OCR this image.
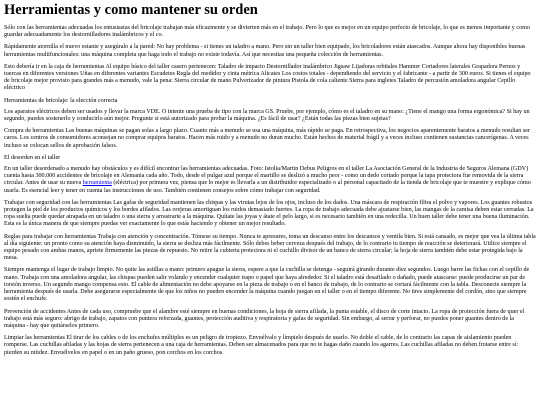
Herramientas y como mantener su orden

Sólo con las herramientas adecuadas los entusiastas del bricolaje trabajan más eficazmente y se divierten más en el trabajo. Pero lo que es mejor en un equipo perfecto de bricolaje, lo que es menos importante y como guardar adecuadamente los destornilladores inalámbricos y el co.

Rápidamente atornilla el nuevo estante y asegúralo a la pared: No hay problema - si tienes un taladro a mano. Pero sin un taller bien equipado, los bricoladores están atascados. Aunque ahora hay disponibles buenas herramientas multifuncionales: una máquina completa que haga todo el trabajo no existe todavía. Así que necesitas una pequeña colección de herramientas.

Esto debería ir en la caja de herramientas Al equipo básico del taller casero pertenecen: Taladro de impacto Destornillador inalámbrico Jigsaw Lijadoras orbitales Hammer Cortadores laterales Grapadora Pernos y tuercas en diferentes versiones Uñas en diferentes variantes Escudetes Regla del medidor y cinta métrica Alicates Los costos totales - dependiendo del servicio y el fabricante - a partir de 300 euros. Si tienes el equipo de bricolaje mejor provisto para grandes más a menudo, vale la pena: Sierra circular de mano Pulverizador de pintura Pistola de cola caliente Sierra para ingletes Taladro de percusión amoladora angular Cepillo eléctrico

Herramientas de bricolaje: la elección correcta

Los aparatos eléctricos deben ser usados y llevar la marca VDE. O intente una prueba de tipo con la marca GS. Pruebe, por ejemplo, cómo es el taladro en su mano: ¿Tiene el mango una forma ergonómica? Si hay un segundo, puedes sostenerlo y conducirlo aún mejor. Pregunte si está autorizado para probar la máquina. ¿Es fácil de usar? ¿Están todas las piezas bien sujetas?

Compra de herramientas Las buenas máquinas se pagan solas a largo plazo. Cuanto más a menudo se usa una máquina, más rápido se paga. En retrospectiva, los negocios aparentemente baratos a menudo resultan ser caros. Los centros de consumidores aconsejan no comprar equipos baratos. Hacen más ruido y a menudo no duran mucho. Están hechos de material frágil y a veces incluso contienen sustancias cancerígenas. A veces incluso se colocan sellos de aprobación falsos.

El desorden en el taller

En un taller desordenado a menudo hay obstáculos y es difícil encontrar las herramientas adecuadas. Foto: Istolia/Martin Debus Peligros en el taller La Asociación General de la Industria de Seguros Alemana (GDV) cuenta hasta 300.000 accidentes de bricolaje en Alemania cada año. Todo, desde el pulgar azul porque el martillo se deslizó a mucho peor - como un dedo cortado porque la tapa protectora fue removida de la sierra circular. Antes de usar su nueva herramienta (eléctrica) por primera vez, piensa que lo mejor es llevarla a un distribuidor especializado o al personal capacitado de la tienda de bricolaje que te muestre y explique cómo usarla. Es esencial leer y tener en cuenta las instrucciones de uso. También contienen consejos sobre cómo trabajar con seguridad.

Trabajar con seguridad con las herramientas Las gafas de seguridad mantienen las chispas y las virutas lejos de los ojos, incluso de los dados. Una máscara de respiración filtra el polvo y vapores. Los guantes robustos protegen la piel de los productos químicos y los bordes afilados. Las orejeras amortiguan los ruidos demasiado fuertes. La ropa de trabajo adecuada debe ajustarse bien, las mangas de la camisa deben estar cerradas. La ropa suelta puede quedar atrapada en un taladro o una sierra y arrastrarte a la máquina. Quítate las joyas y átate el pelo largo, si es necesario también en una redecilla. Un buen taller debe tener una buena iluminación. Esta es la única manera de que siempre puedas ver exactamente lo que estás haciendo y obtener un mejor resultado.

Reglas para trabajar con herramientas Trabaja con atención y concentración. Tómese su tiempo. Nunca te apresures, toma un descanso entre los descansos y ventila bien. Si está cansado, es mejor que vea la última tabla al día siguiente: un pronto como su atención haya disminuido, la sierra se desliza más fácilmente. Sólo debes beber cerveza después del trabajo, de lo contrario tu tiempo de reacción se deteriorará. Utilice siempre el equipo pesado con ambas manos, apriete firmemente las piezas de repuesto. No retire la cubierta protectora ni el cuchillo divisor de un banco de sierra circular; la hoja de sierra también debe estar protegida bajo la mesa.

Siempre mantenga el lugar de trabajo limpio. No quite las astillas a mano: primero apague la sierra, espere a que la cuchilla se detenga - seguirá girando durante diez segundos. Luego barre las fichas con el cepillo de mano. Trabaja con una amoladora angular, las chispas pueden salir volando y encender cualquier trapo o papel que haya alrededor. Si el taladro está desafilado o dañado, puede atascarse: puede producirse un par de torsión inverso. Un segundo mango compensa esto. El cable de alimentación no debe apoyarse en la pieza de trabajo o en el banco de trabajo, de lo contrario se cortará fácilmente con la tabla. Desconecte siempre la herramienta después de usarla. Debe asegurarse especialmente de que los niños no pueden encender la máquina cuando juegan en el taller o en el tiempo diferente. No tires simplemente del cordón, sino que siempre sostén el enchufe.

Prevención de accidentes Antes de cada uso, compruebe que el alambre esté siempre en buenas condiciones, la hoja de sierra afilada, la punta estable, el disco de corte intacto. La ropa de protección fuera de quer el trabajo está más seguro: abrigo de trabajo, zapatos con puntera reforzada, guantes, protección auditiva y respiratoria y gafas de seguridad. Sin embargo, al serrar y perforar, no puedes poner guantes dentro de la máquina - hay que quitárselos primero.

Limpiar las herramientas El tirar de los cables o de los enchufes múltiples es un peligro de tropiezo. Envuélvalo y límpielo después de usarlo. No doble el cable, de lo contrario las capas de aislamiento pueden romperse. Las cuchillas afiladas y las hojas de sierra pertenecen a una caja de herramientas. Deben ser almacenados para que no te hagas daño cuando los agarres. Las cuchillas afiladas no deben frotarse entre sí: pierden su nitidez. Envuélvelos en papel o en un paño grueso, pon corchos en los corchos.
